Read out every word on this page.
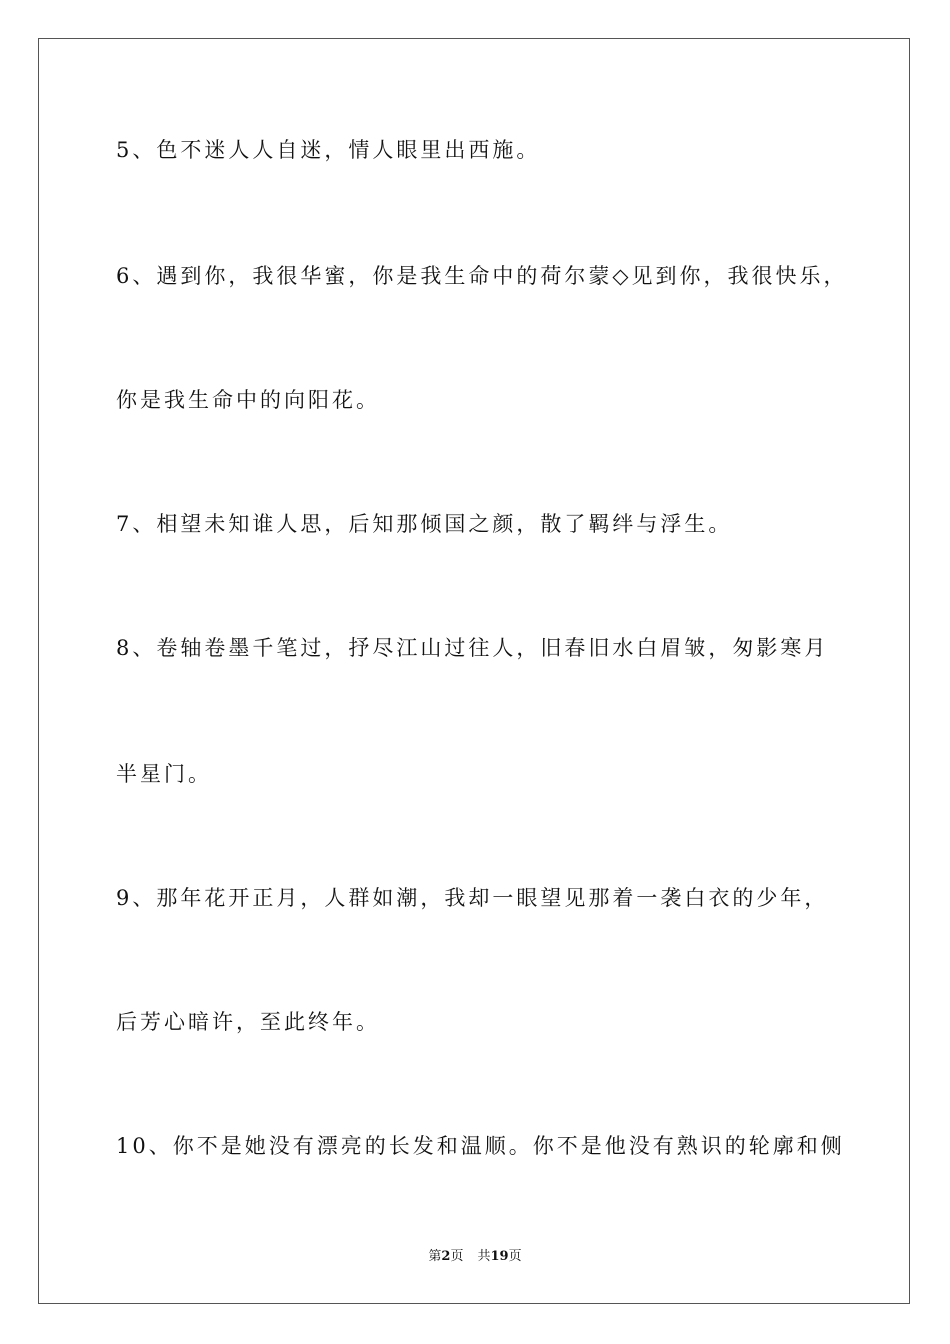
5、色不迷人人自迷，情人眼里出西施。

6、遇到你，我很华蜜，你是我生命中的荷尔蒙◇见到你，我很快乐，

你是我生命中的向阳花。

7、相望未知谁人思，后知那倾国之颜，散了羁绊与浮生。

8、卷轴卷墨千笔过，抒尽江山过往人，旧春旧水白眉皱，匆影寒月

半星门。

9、那年花开正月，人群如潮，我却一眼望见那着一袭白衣的少年，

后芳心暗许，至此终年。

10、你不是她没有漂亮的长发和温顺。你不是他没有熟识的轮廓和侧

第2页 共19页
